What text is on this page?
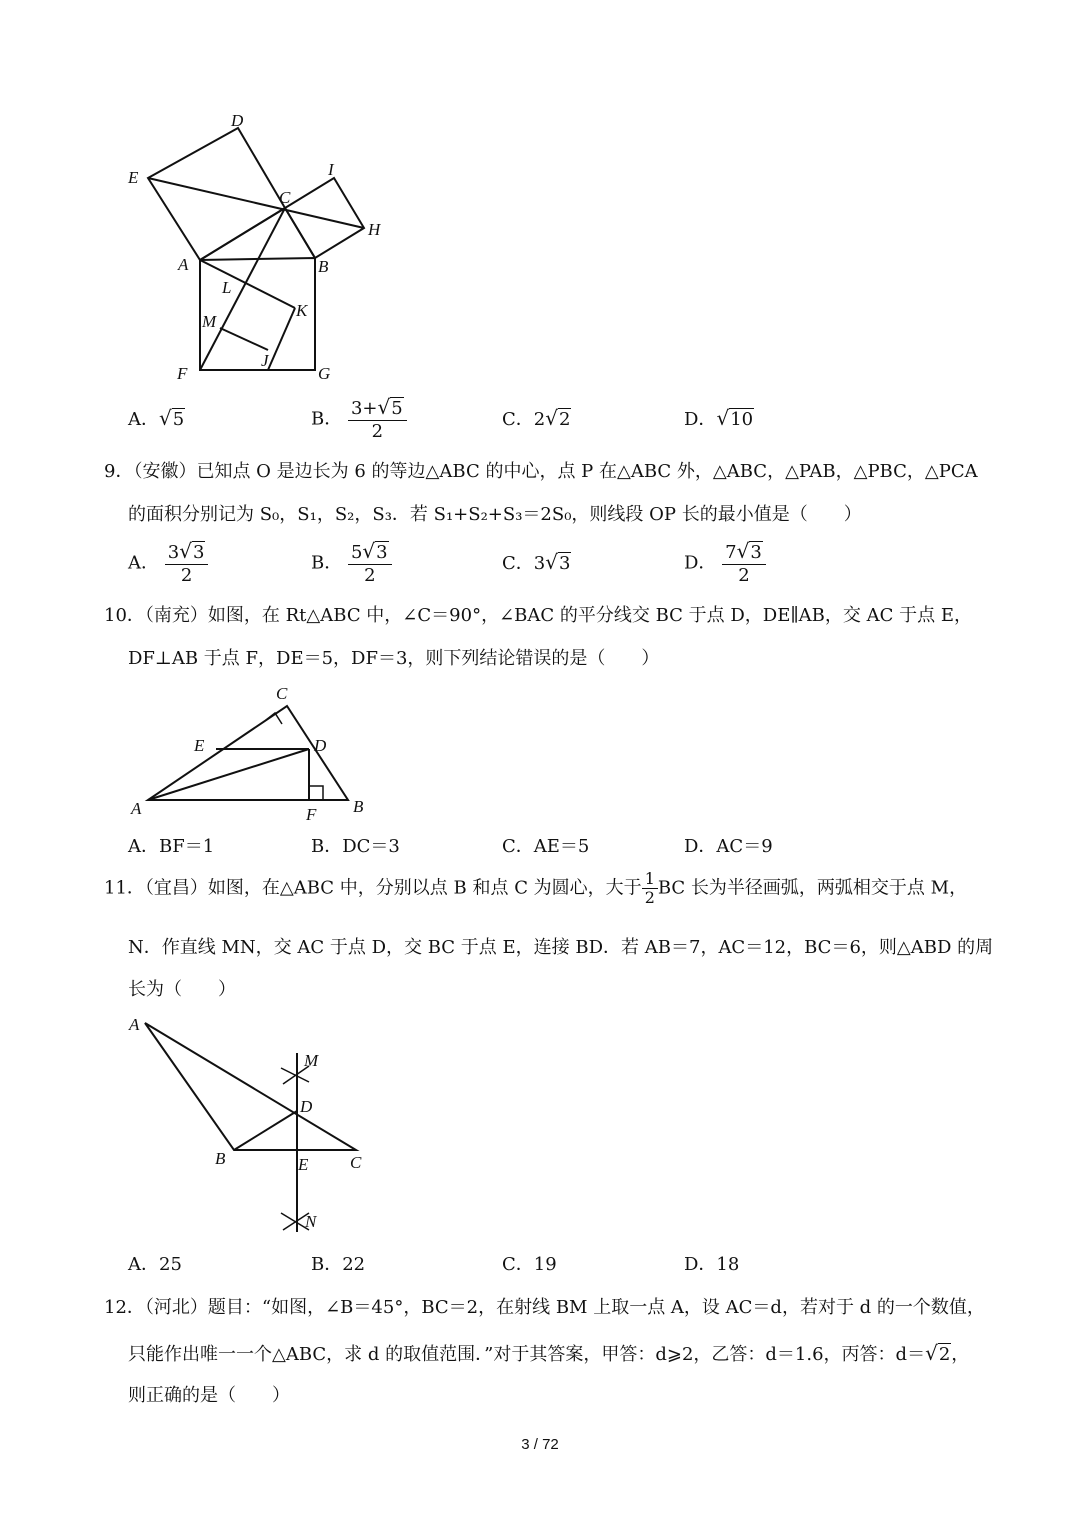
D
E	I
C
H
A	B
L
K
M
J
F	G
A．√5	B． $\frac{3+√5}{2}$	C．2√2	D．√10
9．（安徽）已知点 O 是边长为 6 的等边△ABC 的中心，点 P 在△ABC 外，△ABC，△PAB，△PBC，△PCA
的面积分别记为 S₀，S₁，S₂，S₃．若 S₁+S₂+S₃＝2S₀，则线段 OP 长的最小值是（　　）
A． $\frac{3√3}{2}$	B． $\frac{5√3}{2}$	C．3√3	D． $\frac{7√3}{2}$
10．（南充）如图，在 Rt△ABC 中，∠C＝90°，∠BAC 的平分线交 BC 于点 D，DE∥AB，交 AC 于点 E，
DF⊥AB 于点 F，DE＝5，DF＝3，则下列结论错误的是（　　）
C
E	D
A	F B
A．BF＝1	B．DC＝3	C．AE＝5	D．AC＝9
11．（宜昌）如图，在△ABC 中，分别以点 B 和点 C 为圆心，大于 $\frac{1}{2}$ BC 长为半径画弧，两弧相交于点 M，
N．作直线 MN，交 AC 于点 D，交 BC 于点 E，连接 BD．若 AB＝7，AC＝12，BC＝6，则△ABD 的周
长为（　　）
A
M
D
B	E C
N
A．25	B．22	C．19	D．18
12．（河北）题目：“如图，∠B＝45°，BC＝2，在射线 BM 上取一点 A，设 AC＝d，若对于 d 的一个数值，
只能作出唯一一个△ABC，求 d 的取值范围．”对于其答案，甲答：d⩾2，乙答：d＝1.6，丙答：d＝√2，
则正确的是（　　）
3 / 72
